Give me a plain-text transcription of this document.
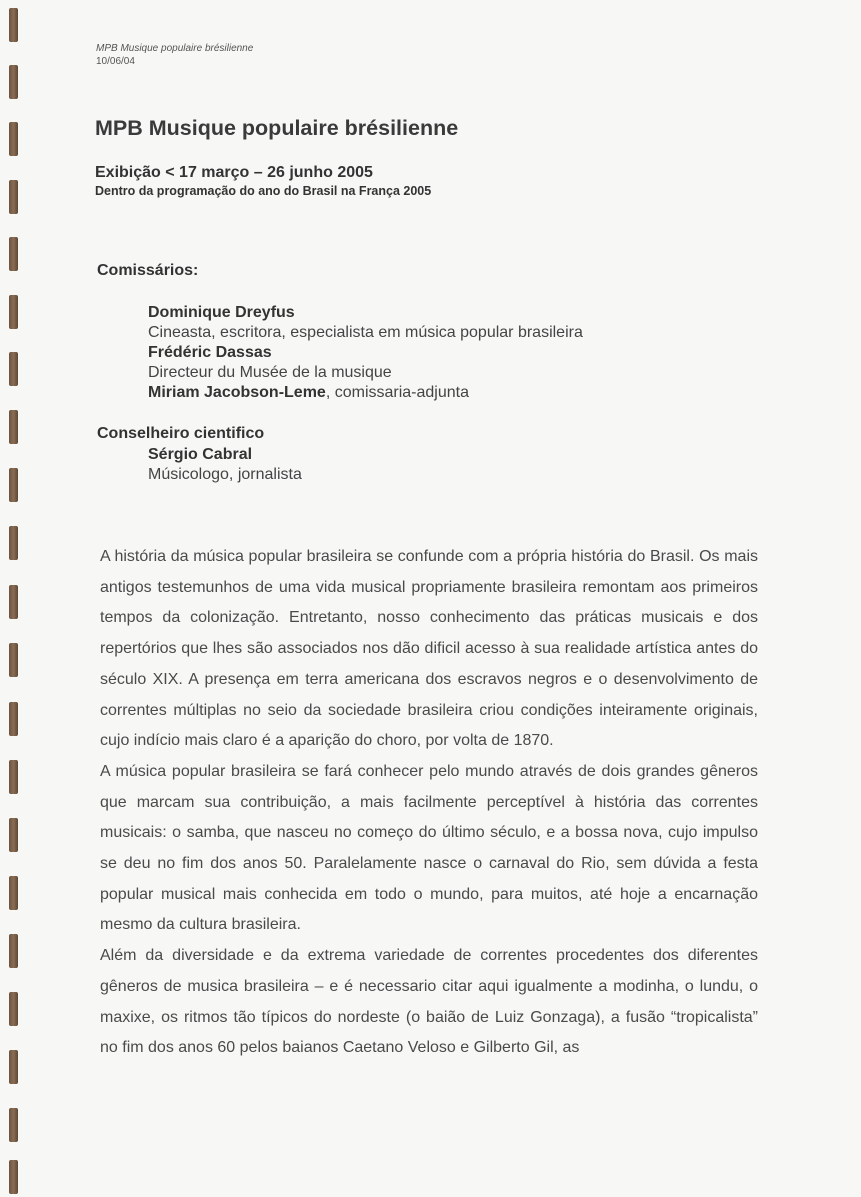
MPB Musique populaire brésilienne
10/06/04
MPB Musique populaire brésilienne
Exibição < 17 março – 26 junho 2005
Dentro da programação do ano do Brasil na França 2005
Comissários:
Dominique Dreyfus
Cineasta, escritora, especialista em música popular brasileira
Frédéric Dassas
Directeur du Musée de la musique
Miriam Jacobson-Leme, comissaria-adjunta
Conselheiro cientifico
Sérgio Cabral
Músicologo, jornalista

A história da música popular brasileira se confunde com a própria história do Brasil. Os mais antigos testemunhos de uma vida musical propriamente brasileira remontam aos primeiros tempos da colonização. Entretanto, nosso conhecimento das práticas musicais e dos repertórios que lhes são associados nos dão dificil acesso à sua realidade artística antes do século XIX. A presença em terra americana dos escravos negros e o desenvolvimento de correntes múltiplas no seio da sociedade brasileira criou condições inteiramente originais, cujo indício mais claro é a aparição do choro, por volta de 1870.

A música popular brasileira se fará conhecer pelo mundo através de dois grandes gêneros que marcam sua contribuição, a mais facilmente perceptível à história das correntes musicais: o samba, que nasceu no começo do último século, e a bossa nova, cujo impulso se deu no fim dos anos 50. Paralelamente nasce o carnaval do Rio, sem dúvida a festa popular musical mais conhecida em todo o mundo, para muitos, até hoje a encarnação mesmo da cultura brasileira.

Além da diversidade e da extrema variedade de correntes procedentes dos diferentes gêneros de musica brasileira – e é necessario citar aqui igualmente a modinha, o lundu, o maxixe, os ritmos tão típicos do nordeste (o baião de Luiz Gonzaga), a fusão “tropicalista” no fim dos anos 60 pelos baianos Caetano Veloso e Gilberto Gil, as
